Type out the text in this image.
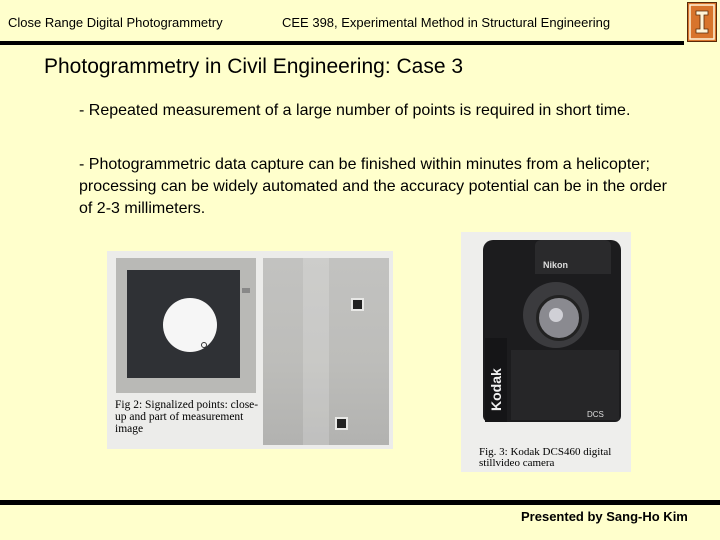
Close Range Digital Photogrammetry	CEE 398, Experimental Method in Structural Engineering
Photogrammetry in Civil Engineering: Case 3
- Repeated measurement of a large number of points is required in short time.
- Photogrammetric data capture can be finished within minutes from a helicopter; processing can be widely automated and the accuracy potential can be in the order of 2-3 millimeters.
Fig 2: Signalized points: close-up and part of measurement image
Nikon
Kodak
DCS
Fig. 3: Kodak DCS460 digital stillvideo camera
Presented by Sang-Ho Kim
